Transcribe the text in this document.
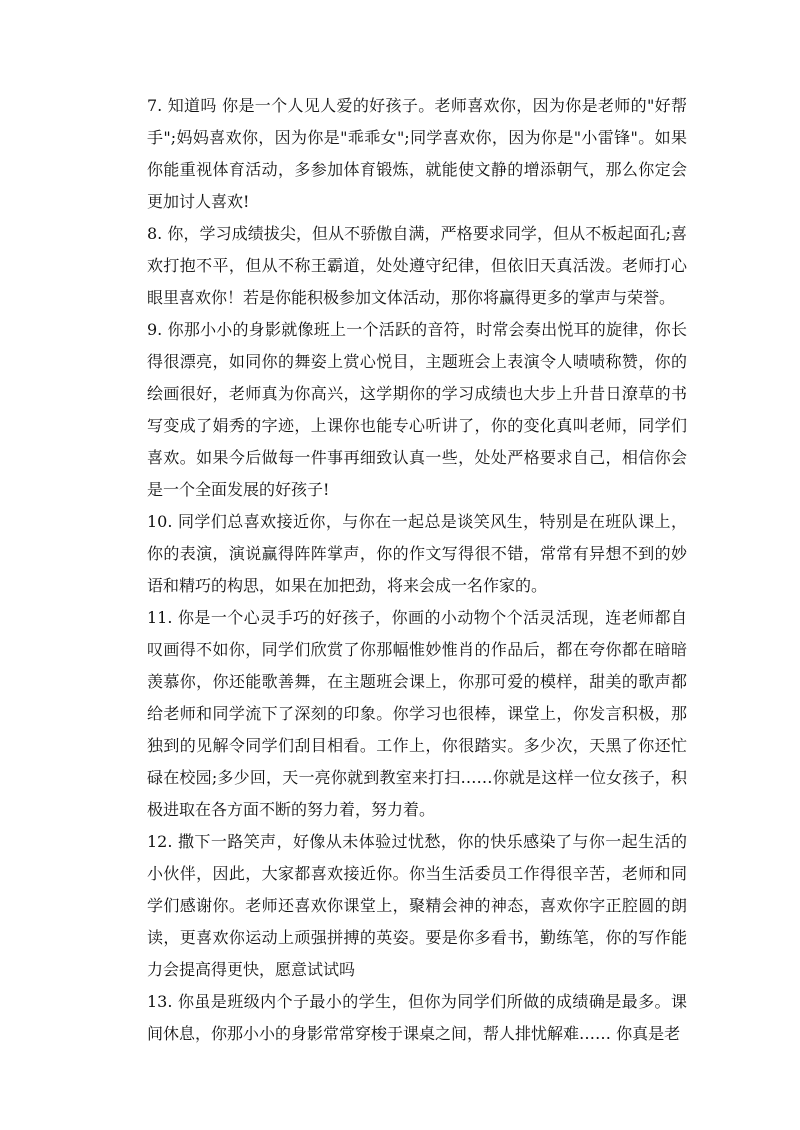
7. 知道吗 你是一个人见人爱的好孩子。老师喜欢你，因为你是老师的"好帮手";妈妈喜欢你，因为你是"乖乖女";同学喜欢你，因为你是"小雷锋"。如果你能重视体育活动，多参加体育锻炼，就能使文静的增添朝气，那么你定会更加讨人喜欢!

8. 你，学习成绩拔尖，但从不骄傲自满，严格要求同学，但从不板起面孔;喜欢打抱不平，但从不称王霸道，处处遵守纪律，但依旧天真活泼。老师打心眼里喜欢你！若是你能积极参加文体活动，那你将赢得更多的掌声与荣誉。

9. 你那小小的身影就像班上一个活跃的音符，时常会奏出悦耳的旋律，你长得很漂亮，如同你的舞姿上赏心悦目，主题班会上表演令人啧啧称赞，你的绘画很好，老师真为你高兴，这学期你的学习成绩也大步上升昔日潦草的书写变成了娟秀的字迹，上课你也能专心听讲了，你的变化真叫老师，同学们喜欢。如果今后做每一件事再细致认真一些，处处严格要求自己，相信你会是一个全面发展的好孩子!

10. 同学们总喜欢接近你，与你在一起总是谈笑风生，特别是在班队课上，你的表演，演说赢得阵阵掌声，你的作文写得很不错，常常有异想不到的妙语和精巧的构思，如果在加把劲，将来会成一名作家的。

11. 你是一个心灵手巧的好孩子，你画的小动物个个活灵活现，连老师都自叹画得不如你，同学们欣赏了你那幅惟妙惟肖的作品后，都在夸你都在暗暗羡慕你，你还能歌善舞，在主题班会课上，你那可爱的模样，甜美的歌声都给老师和同学流下了深刻的印象。你学习也很棒，课堂上，你发言积极，那独到的见解令同学们刮目相看。工作上，你很踏实。多少次，天黑了你还忙碌在校园;多少回，天一亮你就到教室来打扫……你就是这样一位女孩子，积极进取在各方面不断的努力着，努力着。

12. 撒下一路笑声，好像从未体验过忧愁，你的快乐感染了与你一起生活的小伙伴，因此，大家都喜欢接近你。你当生活委员工作得很辛苦，老师和同学们感谢你。老师还喜欢你课堂上，聚精会神的神态，喜欢你字正腔圆的朗读，更喜欢你运动上顽强拼搏的英姿。要是你多看书，勤练笔，你的写作能力会提高得更快，愿意试试吗

13. 你虽是班级内个子最小的学生，但你为同学们所做的成绩确是最多。课间休息，你那小小的身影常常穿梭于课桌之间，帮人排忧解难…… 你真是老
